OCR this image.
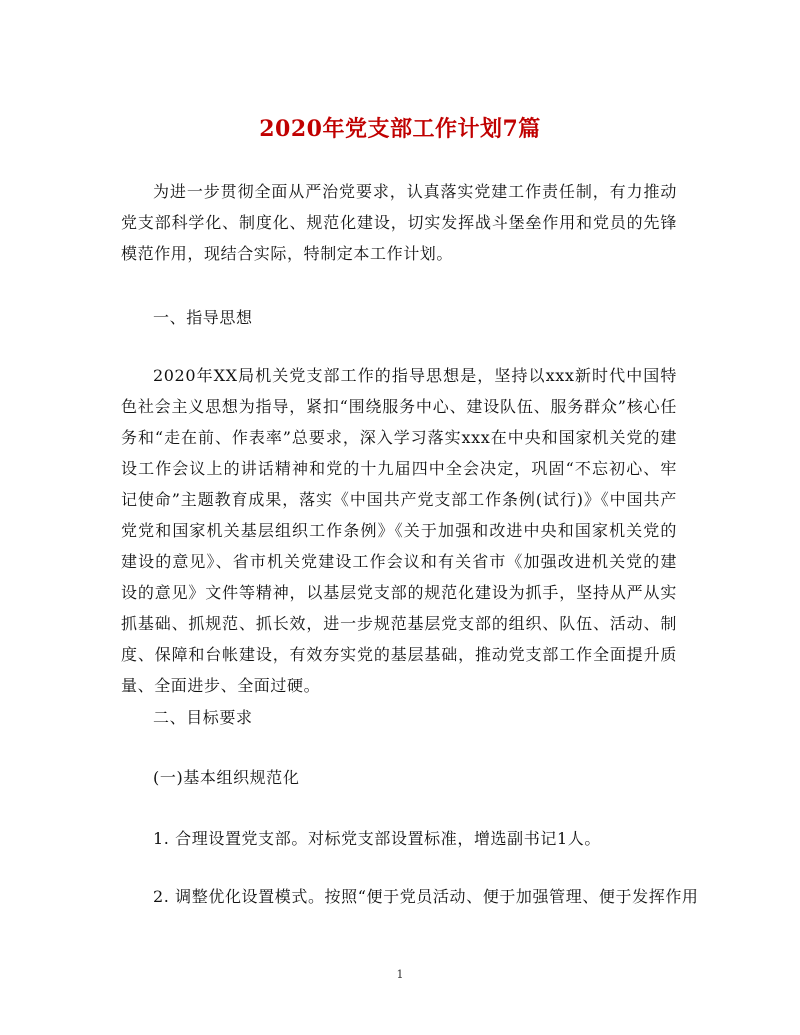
2020年党支部工作计划7篇

为进一步贯彻全面从严治党要求，认真落实党建工作责任制，有力推动党支部科学化、制度化、规范化建设，切实发挥战斗堡垒作用和党员的先锋模范作用，现结合实际，特制定本工作计划。

一、指导思想

2020年XX局机关党支部工作的指导思想是，坚持以xxx新时代中国特色社会主义思想为指导，紧扣“围绕服务中心、建设队伍、服务群众”核心任务和“走在前、作表率”总要求，深入学习落实xxx在中央和国家机关党的建设工作会议上的讲话精神和党的十九届四中全会决定，巩固“不忘初心、牢记使命”主题教育成果，落实《中国共产党支部工作条例(试行)》《中国共产党党和国家机关基层组织工作条例》《关于加强和改进中央和国家机关党的建设的意见》、省市机关党建设工作会议和有关省市《加强改进机关党的建设的意见》文件等精神，以基层党支部的规范化建设为抓手，坚持从严从实抓基础、抓规范、抓长效，进一步规范基层党支部的组织、队伍、活动、制度、保障和台帐建设，有效夯实党的基层基础，推动党支部工作全面提升质量、全面进步、全面过硬。

二、目标要求

(一)基本组织规范化

1. 合理设置党支部。对标党支部设置标准，增选副书记1人。

2. 调整优化设置模式。按照“便于党员活动、便于加强管理、便于发挥作用

1
